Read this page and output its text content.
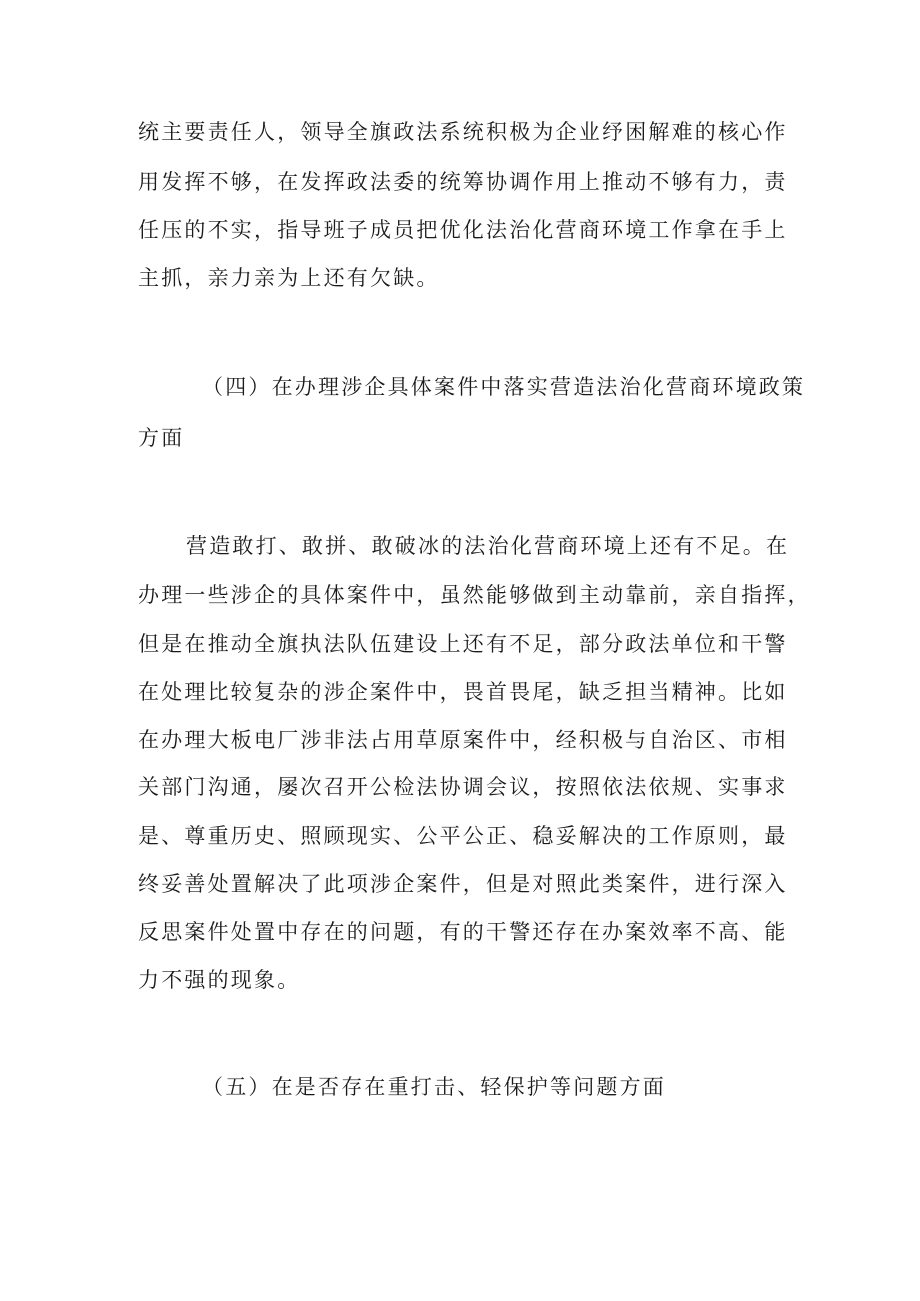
统主要责任人，领导全旗政法系统积极为企业纾困解难的核心作
用发挥不够，在发挥政法委的统筹协调作用上推动不够有力，责
任压的不实，指导班子成员把优化法治化营商环境工作拿在手上
主抓，亲力亲为上还有欠缺。
（四）在办理涉企具体案件中落实营造法治化营商环境政策
方面
营造敢打、敢拼、敢破冰的法治化营商环境上还有不足。在
办理一些涉企的具体案件中，虽然能够做到主动靠前，亲自指挥，
但是在推动全旗执法队伍建设上还有不足，部分政法单位和干警
在处理比较复杂的涉企案件中，畏首畏尾，缺乏担当精神。比如
在办理大板电厂涉非法占用草原案件中，经积极与自治区、市相
关部门沟通，屡次召开公检法协调会议，按照依法依规、实事求
是、尊重历史、照顾现实、公平公正、稳妥解决的工作原则，最
终妥善处置解决了此项涉企案件，但是对照此类案件，进行深入
反思案件处置中存在的问题，有的干警还存在办案效率不高、能
力不强的现象。
（五）在是否存在重打击、轻保护等问题方面
